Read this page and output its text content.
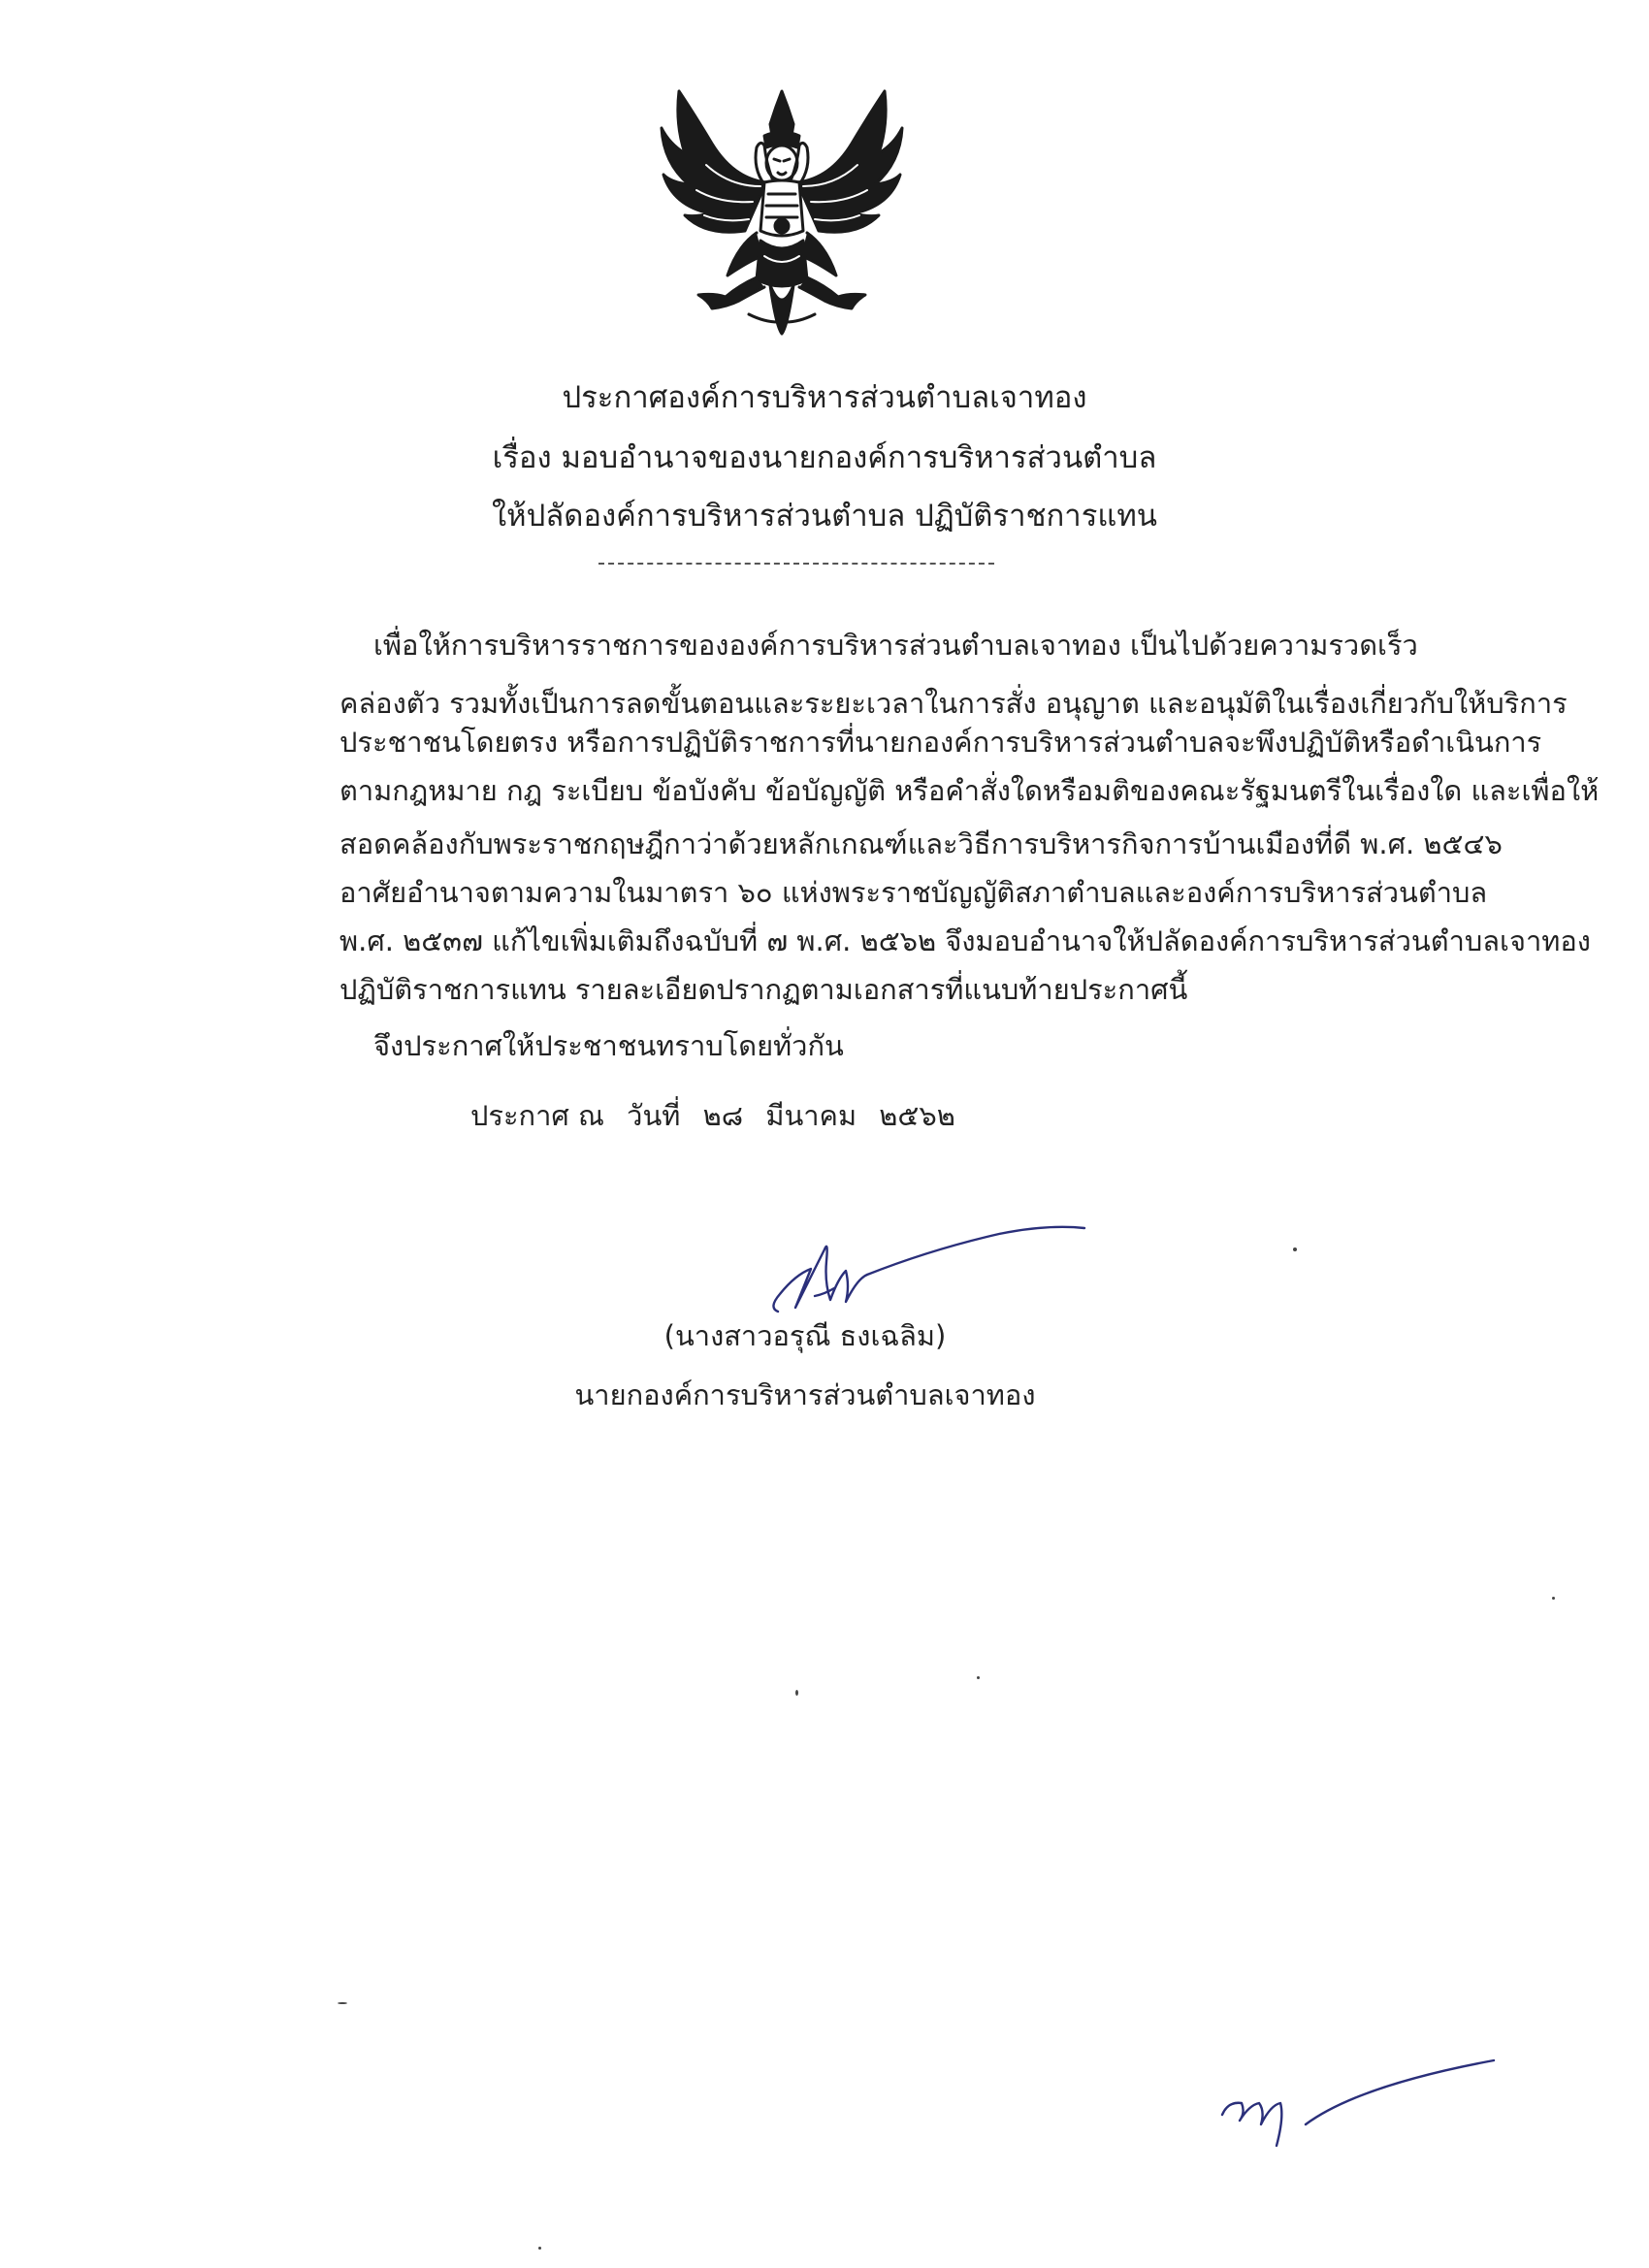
ประกาศองค์การบริหารส่วนตำบลเจาทอง
เรื่อง มอบอำนาจของนายกองค์การบริหารส่วนตำบล
ให้ปลัดองค์การบริหารส่วนตำบล ปฏิบัติราชการแทน
เพื่อให้การบริหารราชการขององค์การบริหารส่วนตำบลเจาทอง เป็นไปด้วยความรวดเร็ว
คล่องตัว รวมทั้งเป็นการลดขั้นตอนและระยะเวลาในการสั่ง อนุญาต และอนุมัติในเรื่องเกี่ยวกับให้บริการ
ประชาชนโดยตรง หรือการปฏิบัติราชการที่นายกองค์การบริหารส่วนตำบลจะพึงปฏิบัติหรือดำเนินการ
ตามกฎหมาย กฎ ระเบียบ ข้อบังคับ ข้อบัญญัติ หรือคำสั่งใดหรือมติของคณะรัฐมนตรีในเรื่องใด และเพื่อให้
สอดคล้องกับพระราชกฤษฎีกาว่าด้วยหลักเกณฑ์และวิธีการบริหารกิจการบ้านเมืองที่ดี พ.ศ. ๒๕๔๖
อาศัยอำนาจตามความในมาตรา ๖๐ แห่งพระราชบัญญัติสภาตำบลและองค์การบริหารส่วนตำบล
พ.ศ. ๒๕๓๗ แก้ไขเพิ่มเติมถึงฉบับที่ ๗ พ.ศ. ๒๕๖๒ จึงมอบอำนาจให้ปลัดองค์การบริหารส่วนตำบลเจาทอง
ปฏิบัติราชการแทน รายละเอียดปรากฏตามเอกสารที่แนบท้ายประกาศนี้
จึงประกาศให้ประชาชนทราบโดยทั่วกัน
ประกาศ ณ วันที่ ๒๘ มีนาคม ๒๕๖๒
(นางสาวอรุณี ธงเฉลิม)
นายกองค์การบริหารส่วนตำบลเจาทอง
